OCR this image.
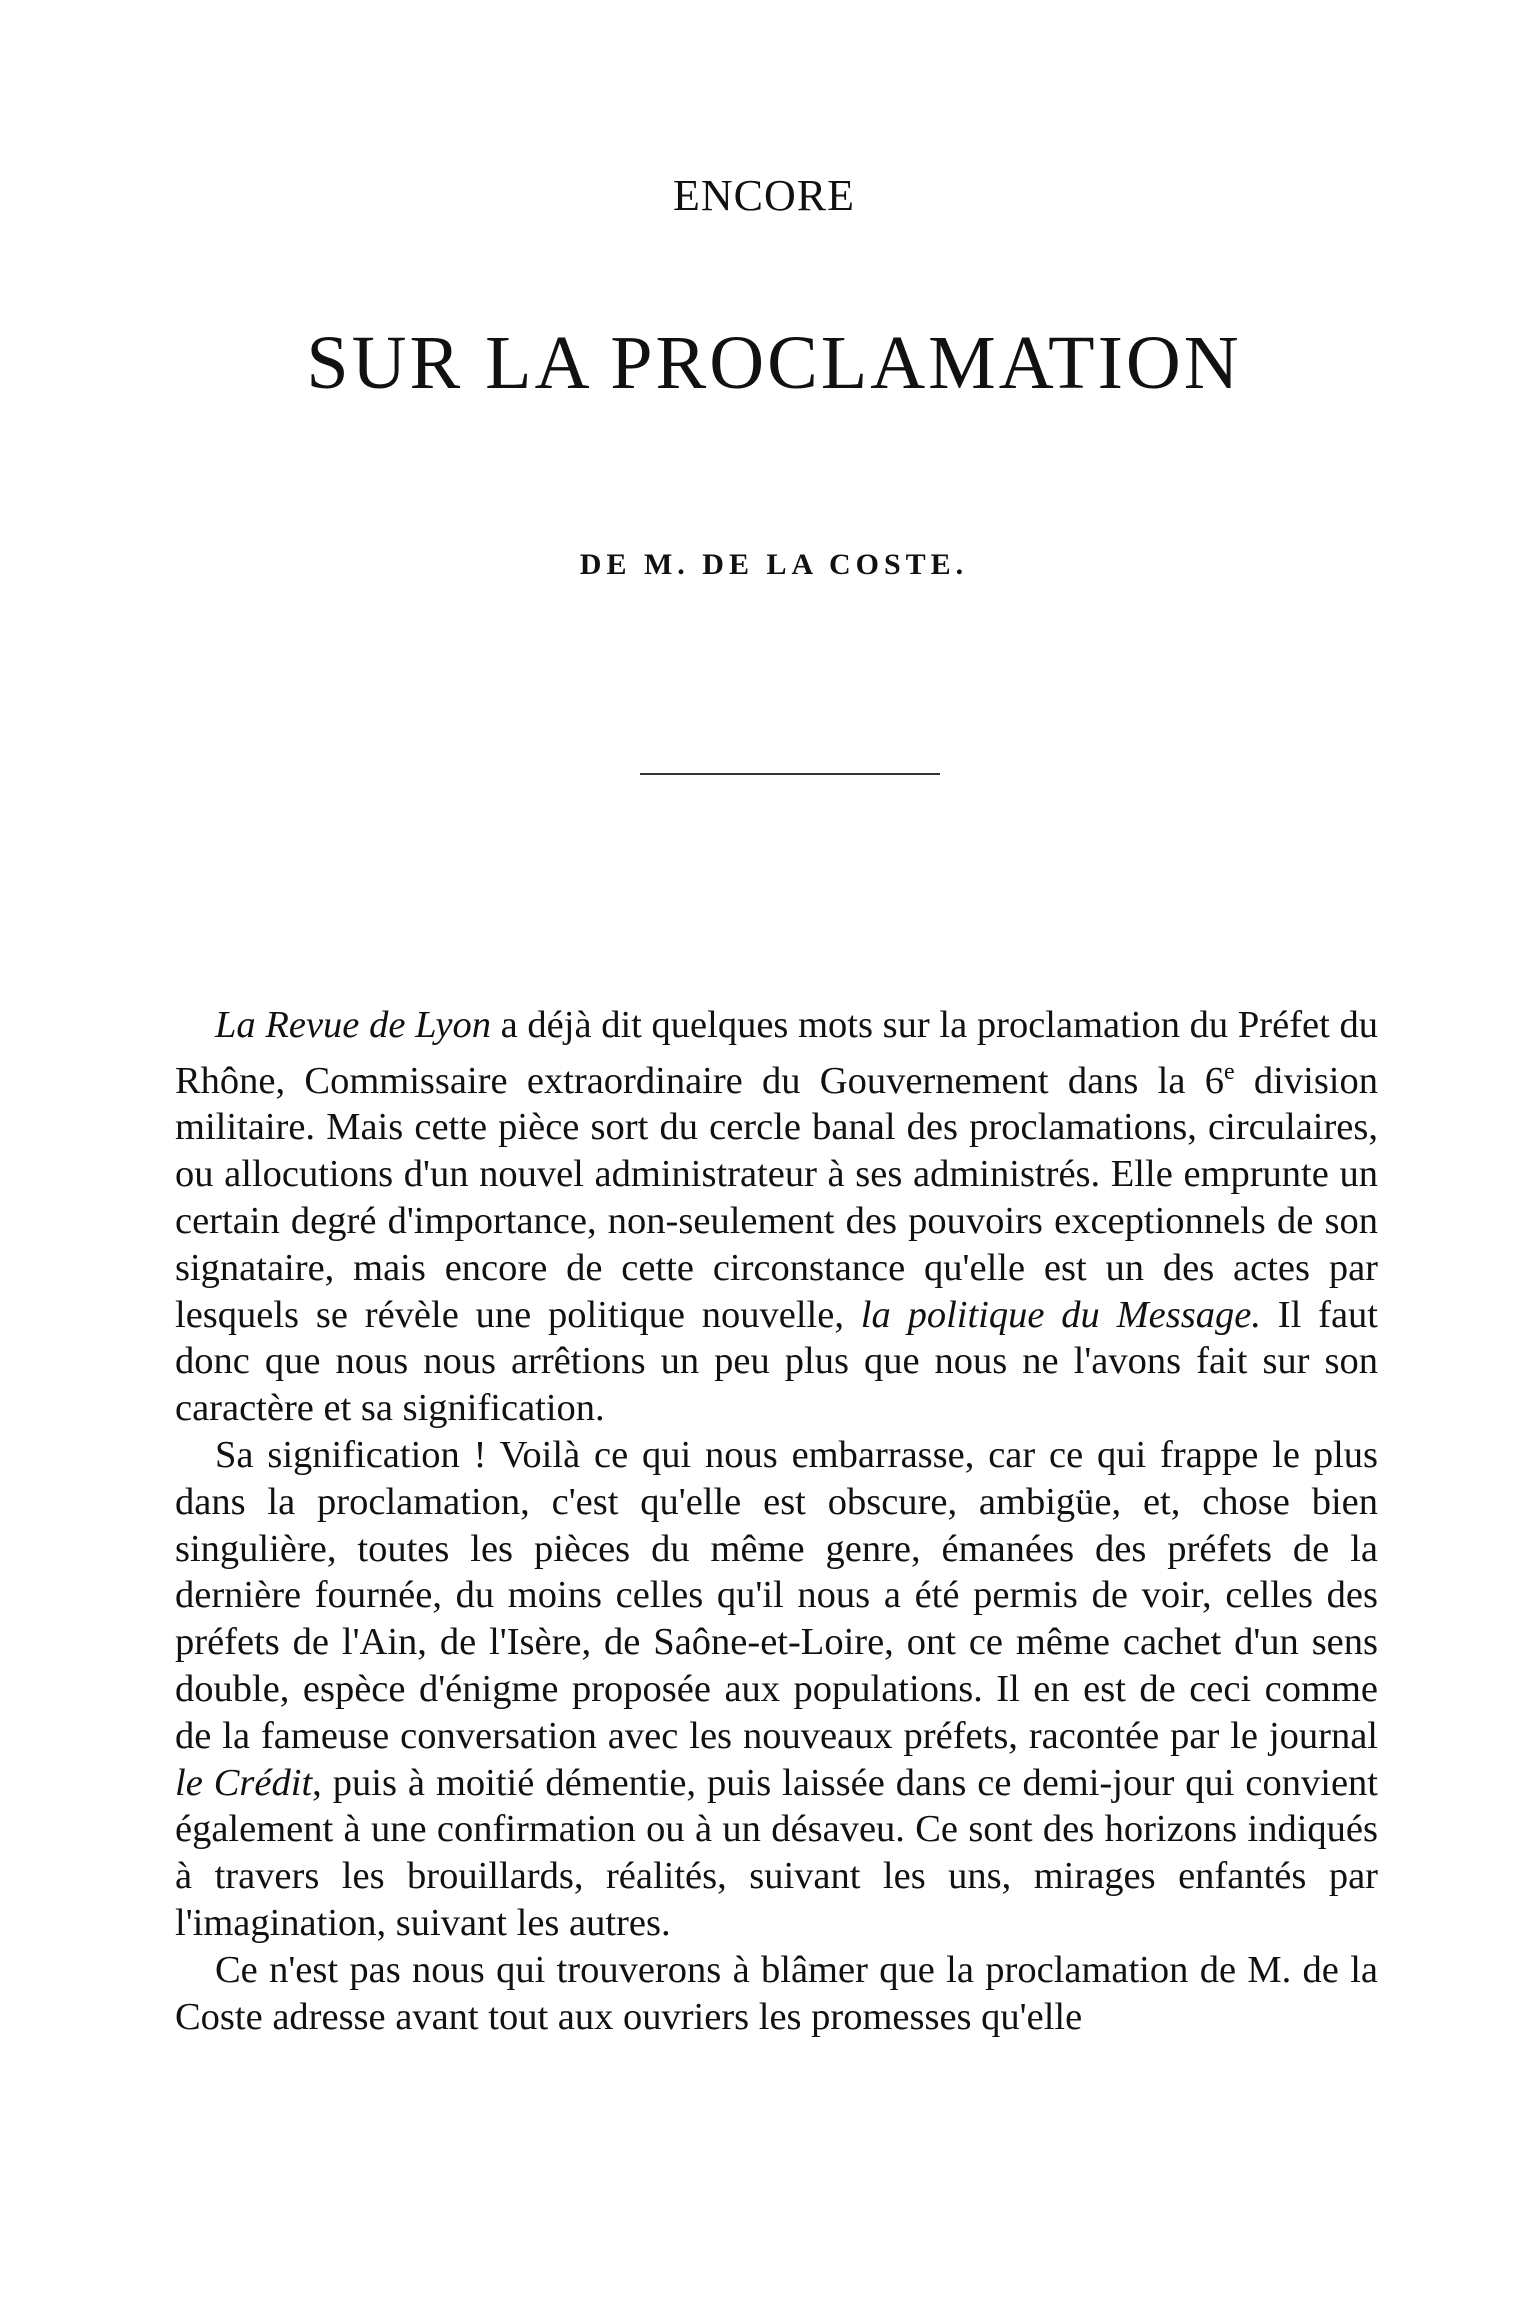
ENCORE
SUR LA PROCLAMATION
DE M. DE LA COSTE.

La Revue de Lyon a déjà dit quelques mots sur la proclamation du Préfet du Rhône, Commissaire extraordinaire du Gouvernement dans la 6e division militaire. Mais cette pièce sort du cercle banal des proclamations, circulaires, ou allocutions d'un nouvel administrateur à ses administrés. Elle emprunte un certain degré d'importance, non-seulement des pouvoirs exceptionnels de son signataire, mais encore de cette circonstance qu'elle est un des actes par lesquels se révèle une politique nouvelle, la politique du Message. Il faut donc que nous nous arrêtions un peu plus que nous ne l'avons fait sur son caractère et sa signification.

Sa signification ! Voilà ce qui nous embarrasse, car ce qui frappe le plus dans la proclamation, c'est qu'elle est obscure, ambigüe, et, chose bien singulière, toutes les pièces du même genre, émanées des préfets de la dernière fournée, du moins celles qu'il nous a été permis de voir, celles des préfets de l'Ain, de l'Isère, de Saône-et-Loire, ont ce même cachet d'un sens double, espèce d'énigme proposée aux populations. Il en est de ceci comme de la fameuse conversation avec les nouveaux préfets, racontée par le journal le Crédit, puis à moitié démentie, puis laissée dans ce demi-jour qui convient également à une confirmation ou à un désaveu. Ce sont des horizons indiqués à travers les brouillards, réalités, suivant les uns, mirages enfantés par l'imagination, suivant les autres.

Ce n'est pas nous qui trouverons à blâmer que la proclamation de M. de la Coste adresse avant tout aux ouvriers les promesses qu'elle
